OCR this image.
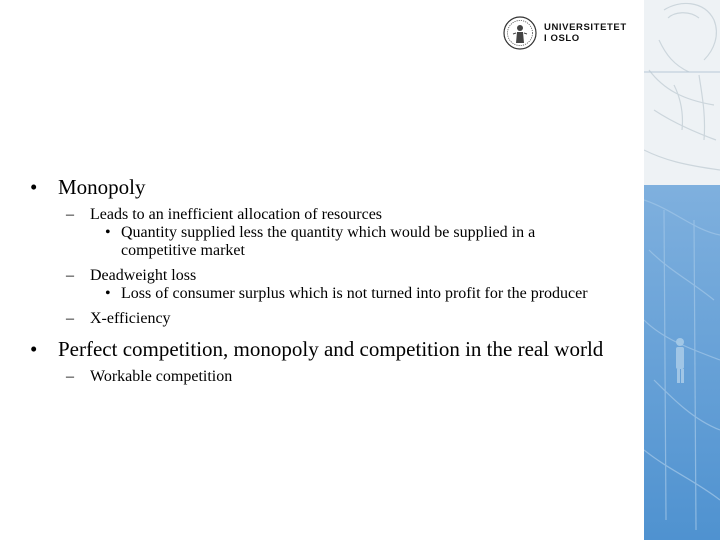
UNIVERSITETET
I OSLO
• Monopoly
– Leads to an inefficient allocation of resources
• Quantity supplied less the quantity which would be supplied in a competitive market
– Deadweight loss
• Loss of consumer surplus which is not turned into profit for the producer
– X-efficiency
• Perfect competition, monopoly and competition in the real world
– Workable competition
